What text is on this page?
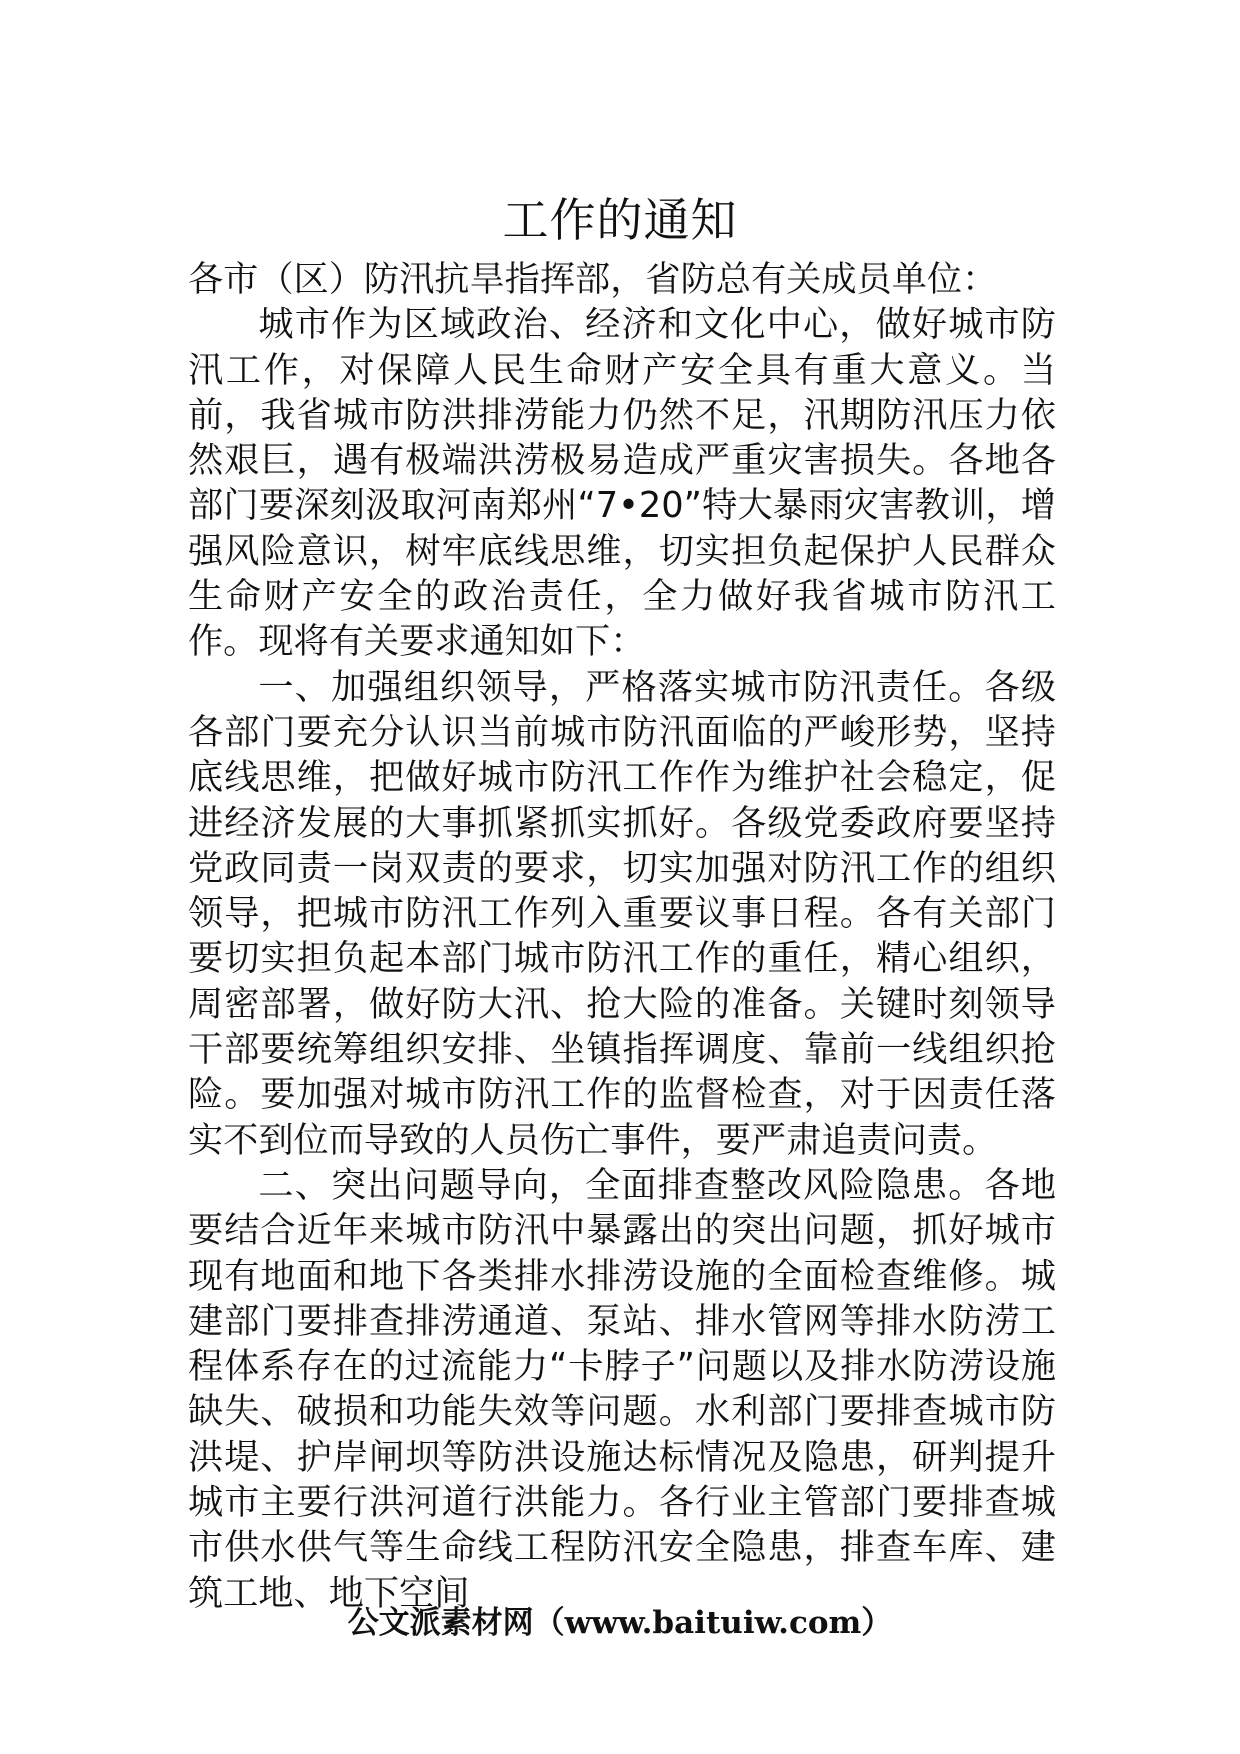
工作的通知

各市（区）防汛抗旱指挥部，省防总有关成员单位：

城市作为区域政治、经济和文化中心，做好城市防汛工作，对保障人民生命财产安全具有重大意义。当前，我省城市防洪排涝能力仍然不足，汛期防汛压力依然艰巨，遇有极端洪涝极易造成严重灾害损失。各地各部门要深刻汲取河南郑州“7•20”特大暴雨灾害教训，增强风险意识，树牢底线思维，切实担负起保护人民群众生命财产安全的政治责任，全力做好我省城市防汛工作。现将有关要求通知如下：

一、加强组织领导，严格落实城市防汛责任。各级各部门要充分认识当前城市防汛面临的严峻形势，坚持底线思维，把做好城市防汛工作作为维护社会稳定，促进经济发展的大事抓紧抓实抓好。各级党委政府要坚持党政同责一岗双责的要求，切实加强对防汛工作的组织领导，把城市防汛工作列入重要议事日程。各有关部门要切实担负起本部门城市防汛工作的重任，精心组织，周密部署，做好防大汛、抢大险的准备。关键时刻领导干部要统筹组织安排、坐镇指挥调度、靠前一线组织抢险。要加强对城市防汛工作的监督检查，对于因责任落实不到位而导致的人员伤亡事件，要严肃追责问责。

二、突出问题导向，全面排查整改风险隐患。各地要结合近年来城市防汛中暴露出的突出问题，抓好城市现有地面和地下各类排水排涝设施的全面检查维修。城建部门要排查排涝通道、泵站、排水管网等排水防涝工程体系存在的过流能力“卡脖子”问题以及排水防涝设施缺失、破损和功能失效等问题。水利部门要排查城市防洪堤、护岸闸坝等防洪设施达标情况及隐患，研判提升城市主要行洪河道行洪能力。各行业主管部门要排查城市供水供气等生命线工程防汛安全隐患，排查车库、建筑工地、地下空间

公文派素材网（www.baituiw.com）
